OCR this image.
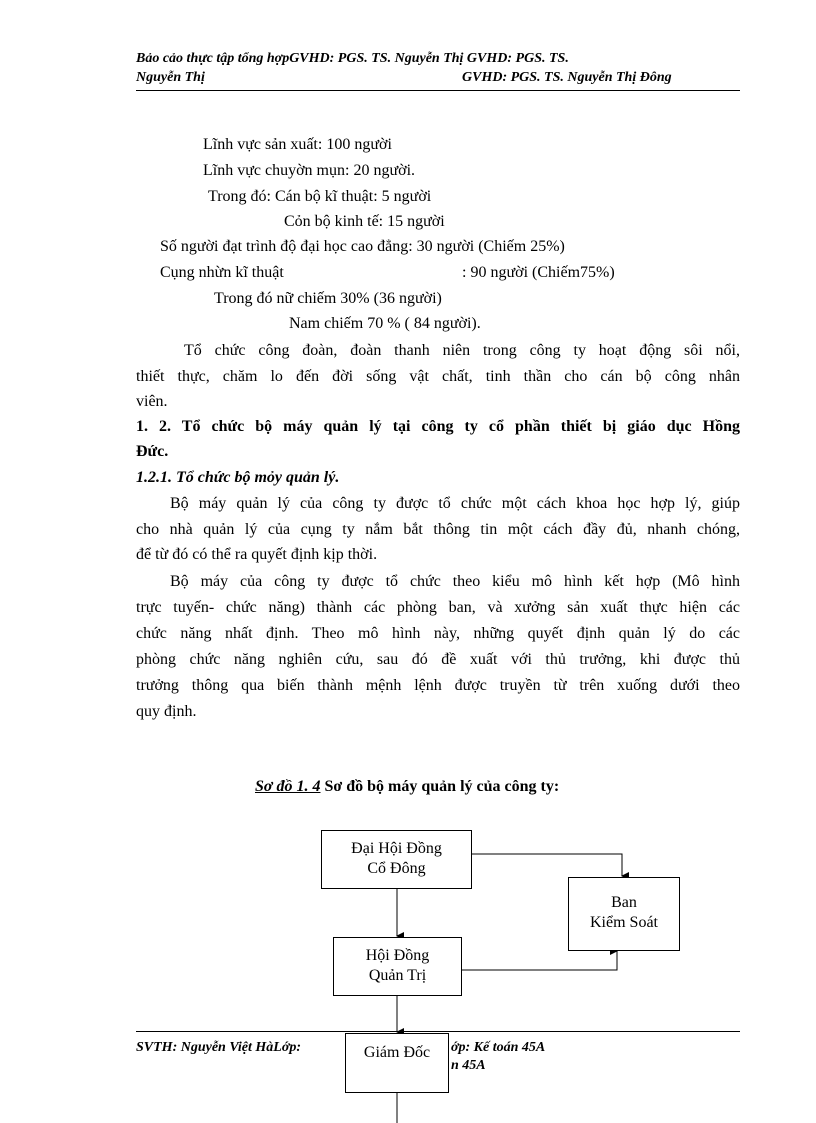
Bảo cảo thực tập tổng hợpGVHD: PGS. TS. Nguyễn Thị GVHD: PGS. TS.
Nguyễn Thị	GVHD: PGS. TS. Nguyễn Thị Đông
Lĩnh vực sản xuất: 100 người
Lĩnh vực chuyờn mụn: 20 người.
Trong đó: Cán bộ kĩ thuật: 5 người
Cỏn bộ kinh tế: 15 người
Số người đạt trình độ đại học cao đẳng: 30 người (Chiếm 25%)
Cụng nhừn kĩ thuật	: 90 người (Chiếm75%)
Trong đó nữ chiếm 30% (36 người)
Nam chiếm 70 % ( 84 người).
Tổ chức công đoàn, đoàn thanh niên trong công ty hoạt động sôi nổi,
thiết thực, chăm lo đến đời sống vật chất, tinh thần cho cán bộ công nhân
viên.
1. 2. Tổ chức bộ máy quản lý tại công ty cổ phần thiết bị giáo dục Hồng
Đức.
1.2.1. Tổ chức bộ mỏy quản lý.
Bộ máy quản lý của công ty được tổ chức một cách khoa học hợp lý, giúp
cho nhà quản lý của cụng ty nắm bắt thông tin một cách đầy đủ, nhanh chóng,
để từ đó có thể ra quyết định kịp thời.
Bộ máy của công ty được tổ chức theo kiểu mô hình kết hợp (Mô hình
trực tuyến- chức năng) thành các phòng ban, và xưởng sản xuất thực hiện các
chức năng nhất định. Theo mô hình này, những quyết định quản lý do các
phòng chức năng nghiên cứu, sau đó đề xuất với thủ trưởng, khi được thủ
trưởng thông qua biến thành mệnh lệnh được truyền từ trên xuống dưới theo
quy định.
Sơ đồ 1. 4 Sơ đồ bộ máy quản lý của công ty:
Đại Hội Đồng
Cổ Đông
Ban
Kiểm Soát
Hội Đồng
Quản Trị
SVTH: Nguyễn Việt HàLớp:	ớp: Kế toán 45A
n 45A
Giám Đốc
